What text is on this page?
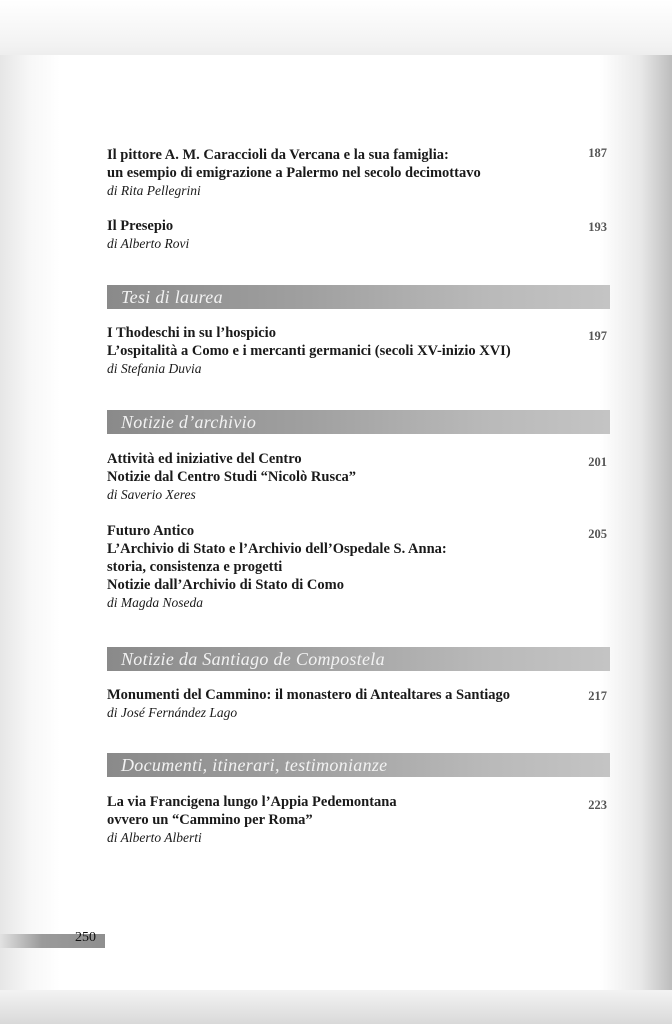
Il pittore A. M. Caraccioli da Vercana e la sua famiglia:

un esempio di emigrazione a Palermo nel secolo decimottavo

di Rita Pellegrini

187

Il Presepio

di Alberto Rovi

193
Tesi di laurea

I Thodeschi in su l’hospicio

L’ospitalità a Como e i mercanti germanici (secoli XV-inizio XVI)

di Stefania Duvia

197
Notizie d’archivio

Attività ed iniziative del Centro

Notizie dal Centro Studi “Nicolò Rusca”

di Saverio Xeres

201

Futuro Antico

L’Archivio di Stato e l’Archivio dell’Ospedale S. Anna:

storia, consistenza e progetti

Notizie dall’Archivio di Stato di Como

di Magda Noseda

205
Notizie da Santiago de Compostela

Monumenti del Cammino: il monastero di Antealtares a Santiago

di José Fernández Lago

217
Documenti, itinerari, testimonianze

La via Francigena lungo l’Appia Pedemontana

ovvero un “Cammino per Roma”

di Alberto Alberti

223
250
